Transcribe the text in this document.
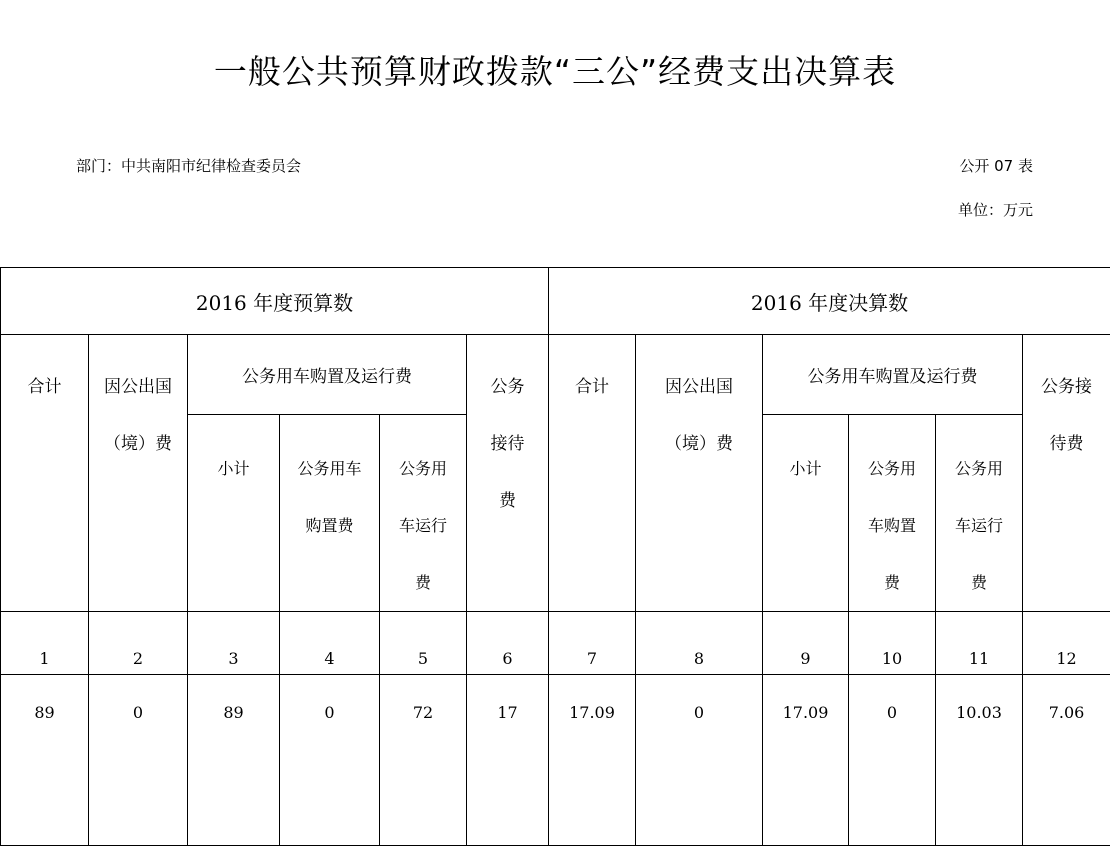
一般公共预算财政拨款“三公”经费支出决算表
部门：中共南阳市纪律检查委员会	公开 07 表
单位：万元
2016 年度预算数						2016 年度决算数					
合计	因公出国（境）费	公务用车购置及运行费			公务接待费	合计	因公出国（境）费	公务用车购置及运行费			公务接待费
		小计	公务用车购置费	公务用车运行费				小计	公务用车购置费	公务用车运行费	
1	2	3	4	5	6	7	8	9	10	11	12
89	0	89	0	72	17	17.09	0	17.09	0	10.03	7.06
